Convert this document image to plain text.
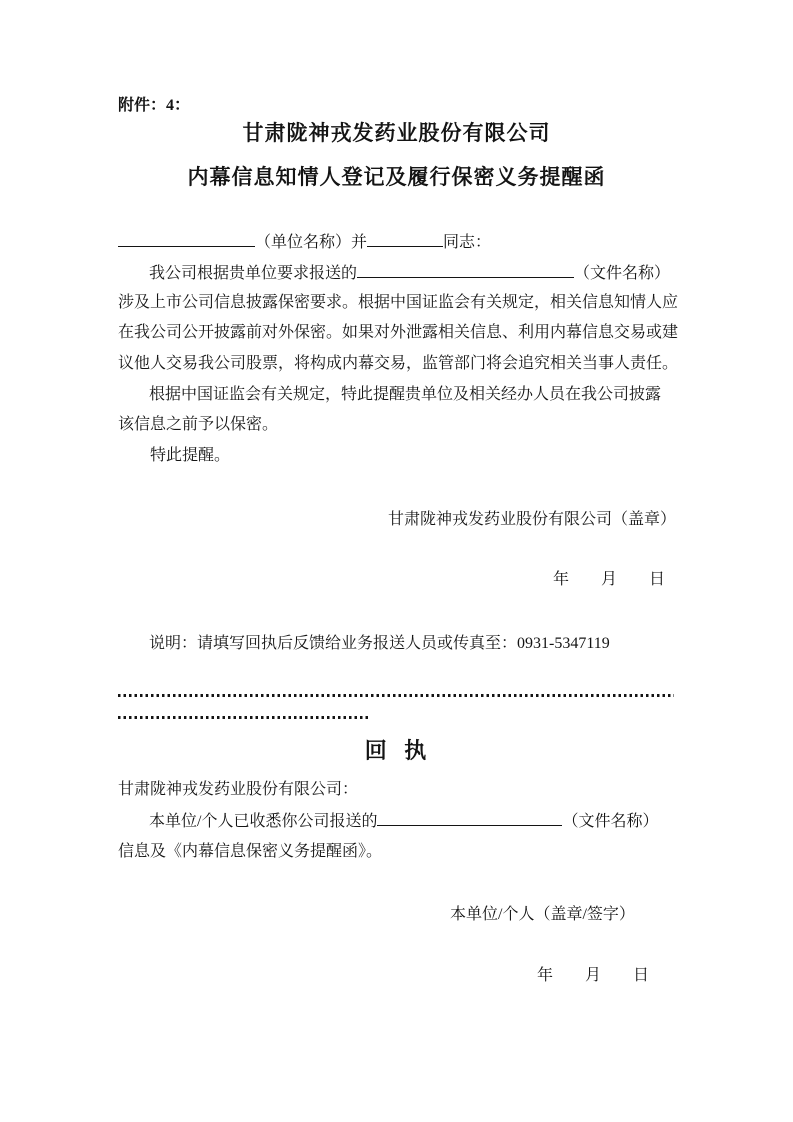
附件：4：
甘肃陇神戎发药业股份有限公司
内幕信息知情人登记及履行保密义务提醒函
（单位名称）并	同志：
我公司根据贵单位要求报送的	（文件名称）
涉及上市公司信息披露保密要求。根据中国证监会有关规定，相关信息知情人应
在我公司公开披露前对外保密。如果对外泄露相关信息、利用内幕信息交易或建
议他人交易我公司股票，将构成内幕交易，监管部门将会追究相关当事人责任。
根据中国证监会有关规定，特此提醒贵单位及相关经办人员在我公司披露
该信息之前予以保密。
特此提醒。
甘肃陇神戎发药业股份有限公司（盖章）
年　　月　　日
说明：请填写回执后反馈给业务报送人员或传真至：0931-5347119
回 执
甘肃陇神戎发药业股份有限公司：
本单位/个人已收悉你公司报送的	（文件名称）
信息及《内幕信息保密义务提醒函》。
本单位/个人（盖章/签字）
年　　月　　日
